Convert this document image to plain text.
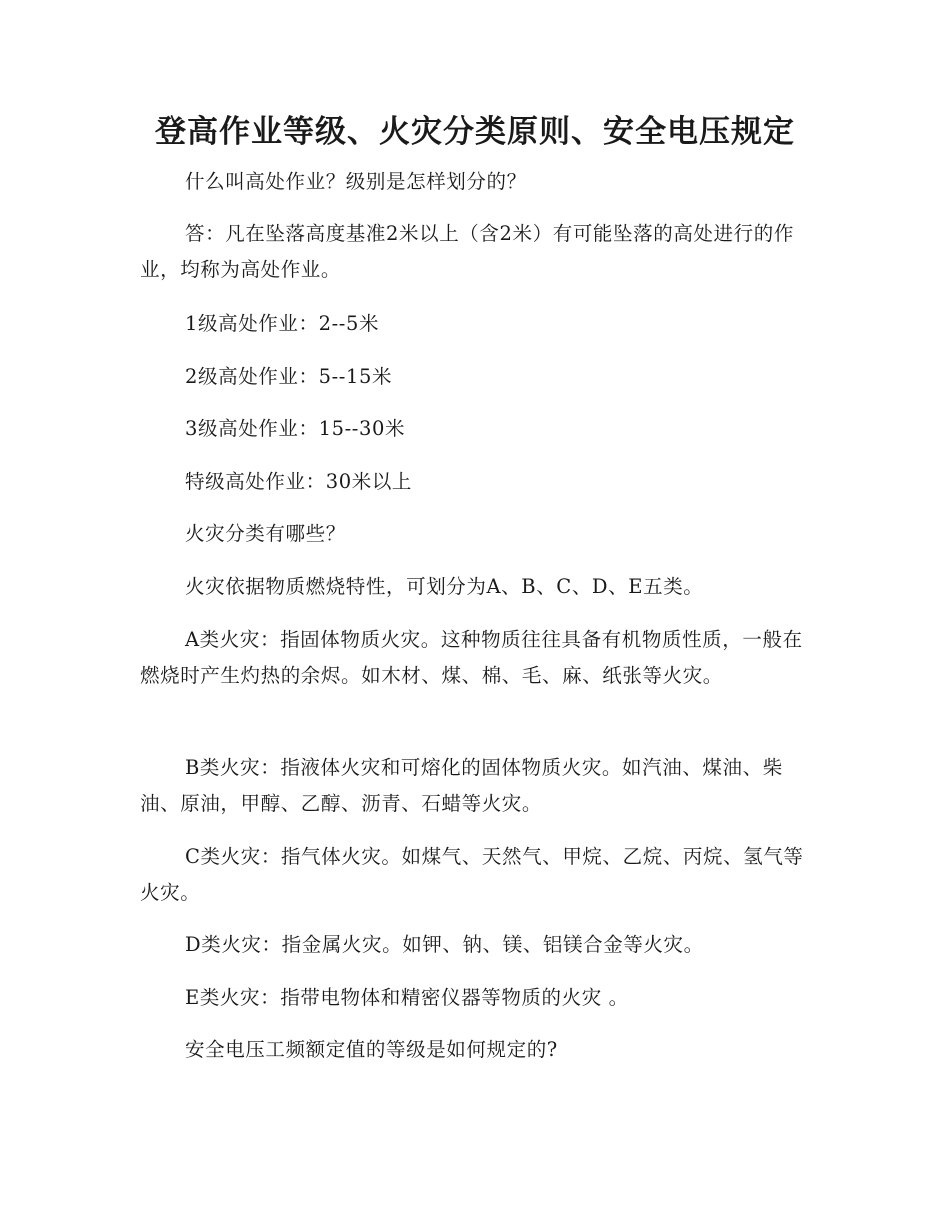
登高作业等级、火灾分类原则、安全电压规定

什么叫高处作业？级别是怎样划分的？

答：凡在坠落高度基准2米以上（含2米）有可能坠落的高处进行的作业，均称为高处作业。

1级高处作业：2--5米

2级高处作业：5--15米

3级高处作业：15--30米

特级高处作业：30米以上

火灾分类有哪些？

火灾依据物质燃烧特性，可划分为A、B、C、D、E五类。

A类火灾：指固体物质火灾。这种物质往往具备有机物质性质，一般在燃烧时产生灼热的余烬。如木材、煤、棉、毛、麻、纸张等火灾。

B类火灾：指液体火灾和可熔化的固体物质火灾。如汽油、煤油、柴油、原油，甲醇、乙醇、沥青、石蜡等火灾。

C类火灾：指气体火灾。如煤气、天然气、甲烷、乙烷、丙烷、氢气等火灾。

D类火灾：指金属火灾。如钾、钠、镁、铝镁合金等火灾。

E类火灾：指带电物体和精密仪器等物质的火灾 。

安全电压工频额定值的等级是如何规定的?
